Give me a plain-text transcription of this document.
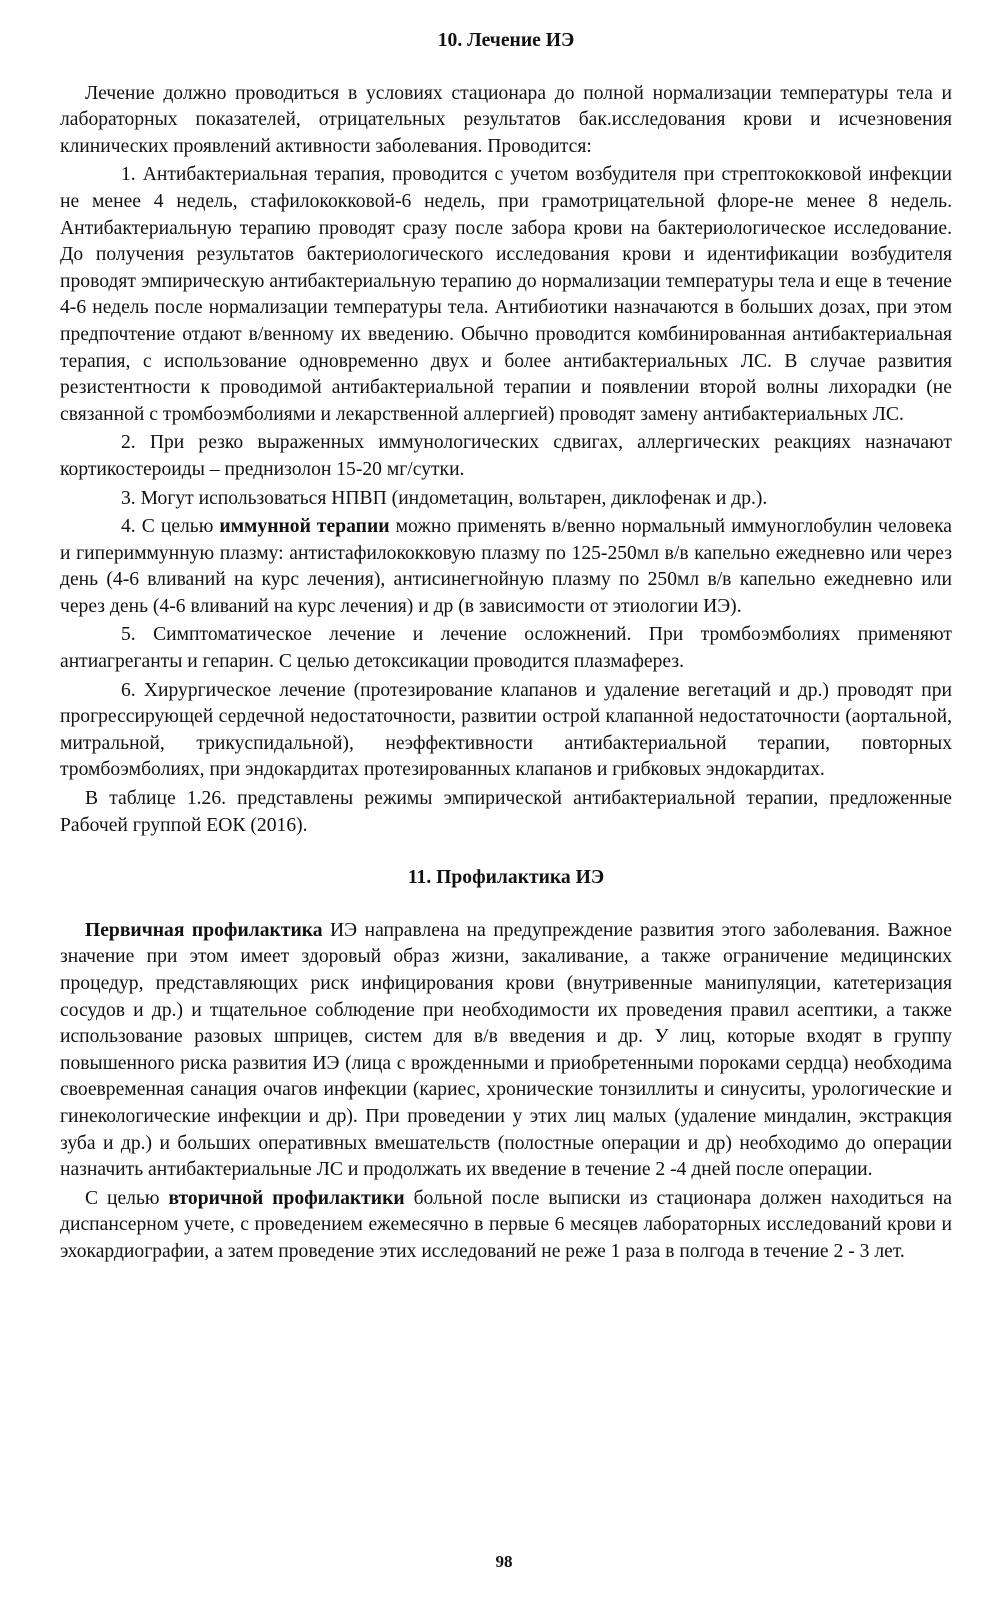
10. Лечение ИЭ

Лечение должно проводиться в условиях стационара до полной нормализации температуры тела и лабораторных показателей, отрицательных результатов бак.исследования крови и исчезновения клинических проявлений активности заболевания. Проводится:

1. Антибактериальная терапия, проводится с учетом возбудителя при стрептококковой инфекции не менее 4 недель, стафилококковой-6 недель, при грамотрицательной флоре-не менее 8 недель. Антибактериальную терапию проводят сразу после забора крови на бактериологическое исследование. До получения результатов бактериологического исследования крови и идентификации возбудителя проводят эмпирическую антибактериальную терапию до нормализации температуры тела и еще в течение 4-6 недель после нормализации температуры тела. Антибиотики назначаются в больших дозах, при этом предпочтение отдают в/венному их введению. Обычно проводится комбинированная антибактериальная терапия, с использование одновременно двух и более антибактериальных ЛС. В случае развития резистентности к проводимой антибактериальной терапии и появлении второй волны лихорадки (не связанной с тромбоэмболиями и лекарственной аллергией) проводят замену антибактериальных ЛС.

2. При резко выраженных иммунологических сдвигах, аллергических реакциях назначают кортикостероиды – преднизолон 15-20 мг/сутки.

3. Могут использоваться НПВП (индометацин, вольтарен, диклофенак и др.).

4. С целью иммунной терапии можно применять в/венно нормальный иммуноглобулин человека и гипериммунную плазму: антистафилококковую плазму по 125-250мл в/в капельно ежедневно или через день (4-6 вливаний на курс лечения), антисинегнойную плазму по 250мл в/в капельно ежедневно или через день (4-6 вливаний на курс лечения) и др (в зависимости от этиологии ИЭ).

5. Симптоматическое лечение и лечение осложнений. При тромбоэмболиях применяют антиагреганты и гепарин. С целью детоксикации проводится плазмаферез.

6. Хирургическое лечение (протезирование клапанов и удаление вегетаций и др.) проводят при прогрессирующей сердечной недостаточности, развитии острой клапанной недостаточности (аортальной, митральной, трикуспидальной), неэффективности антибактериальной терапии, повторных тромбоэмболиях, при эндокардитах протезированных клапанов и грибковых эндокардитах.

В таблице 1.26. представлены режимы эмпирической антибактериальной терапии, предложенные Рабочей группой ЕОК (2016).

11. Профилактика ИЭ

Первичная профилактика ИЭ направлена на предупреждение развития этого заболевания. Важное значение при этом имеет здоровый образ жизни, закаливание, а также ограничение медицинских процедур, представляющих риск инфицирования крови (внутривенные манипуляции, катетеризация сосудов и др.) и тщательное соблюдение при необходимости их проведения правил асептики, а также использование разовых шприцев, систем для в/в введения и др. У лиц, которые входят в группу повышенного риска развития ИЭ (лица с врожденными и приобретенными пороками сердца) необходима своевременная санация очагов инфекции (кариес, хронические тонзиллиты и синуситы, урологические и гинекологические инфекции и др). При проведении у этих лиц малых (удаление миндалин, экстракция зуба и др.) и больших оперативных вмешательств (полостные операции и др) необходимо до операции назначить антибактериальные ЛС и продолжать их введение в течение 2 -4 дней после операции.

С целью вторичной профилактики больной после выписки из стационара должен находиться на диспансерном учете, с проведением ежемесячно в первые 6 месяцев лабораторных исследований крови и эхокардиографии, а затем проведение этих исследований не реже 1 раза в полгода в течение 2 - 3 лет.

98
